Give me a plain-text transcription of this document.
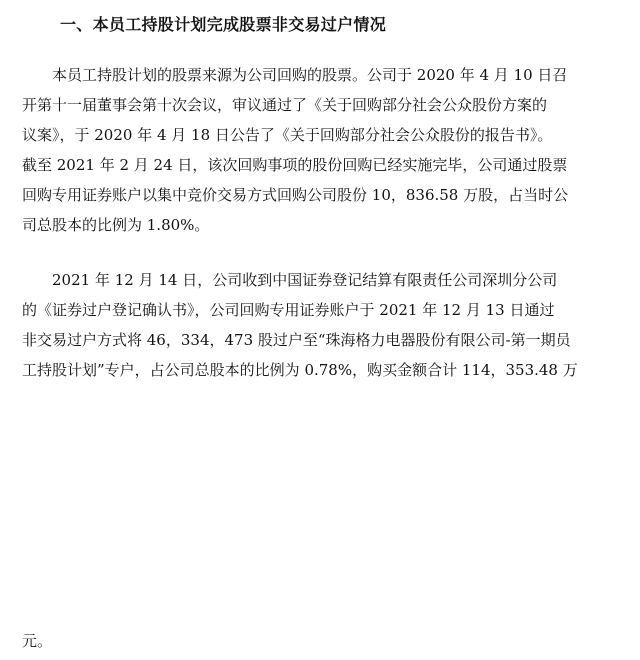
一、本员工持股计划完成股票非交易过户情况
本员工持股计划的股票来源为公司回购的股票。公司于 2020 年 4 月 10 日召
开第十一届董事会第十次会议，审议通过了《关于回购部分社会公众股份方案的
议案》，于 2020 年 4 月 18 日公告了《关于回购部分社会公众股份的报告书》。
截至 2021 年 2 月 24 日，该次回购事项的股份回购已经实施完毕，公司通过股票
回购专用证券账户以集中竞价交易方式回购公司股份 10，836.58 万股，占当时公
司总股本的比例为 1.80%。
2021 年 12 月 14 日，公司收到中国证券登记结算有限责任公司深圳分公司
的《证券过户登记确认书》，公司回购专用证券账户于 2021 年 12 月 13 日通过
非交易过户方式将 46，334，473 股过户至“珠海格力电器股份有限公司-第一期员
工持股计划”专户，占公司总股本的比例为 0.78%，购买金额合计 114，353.48 万
元。
